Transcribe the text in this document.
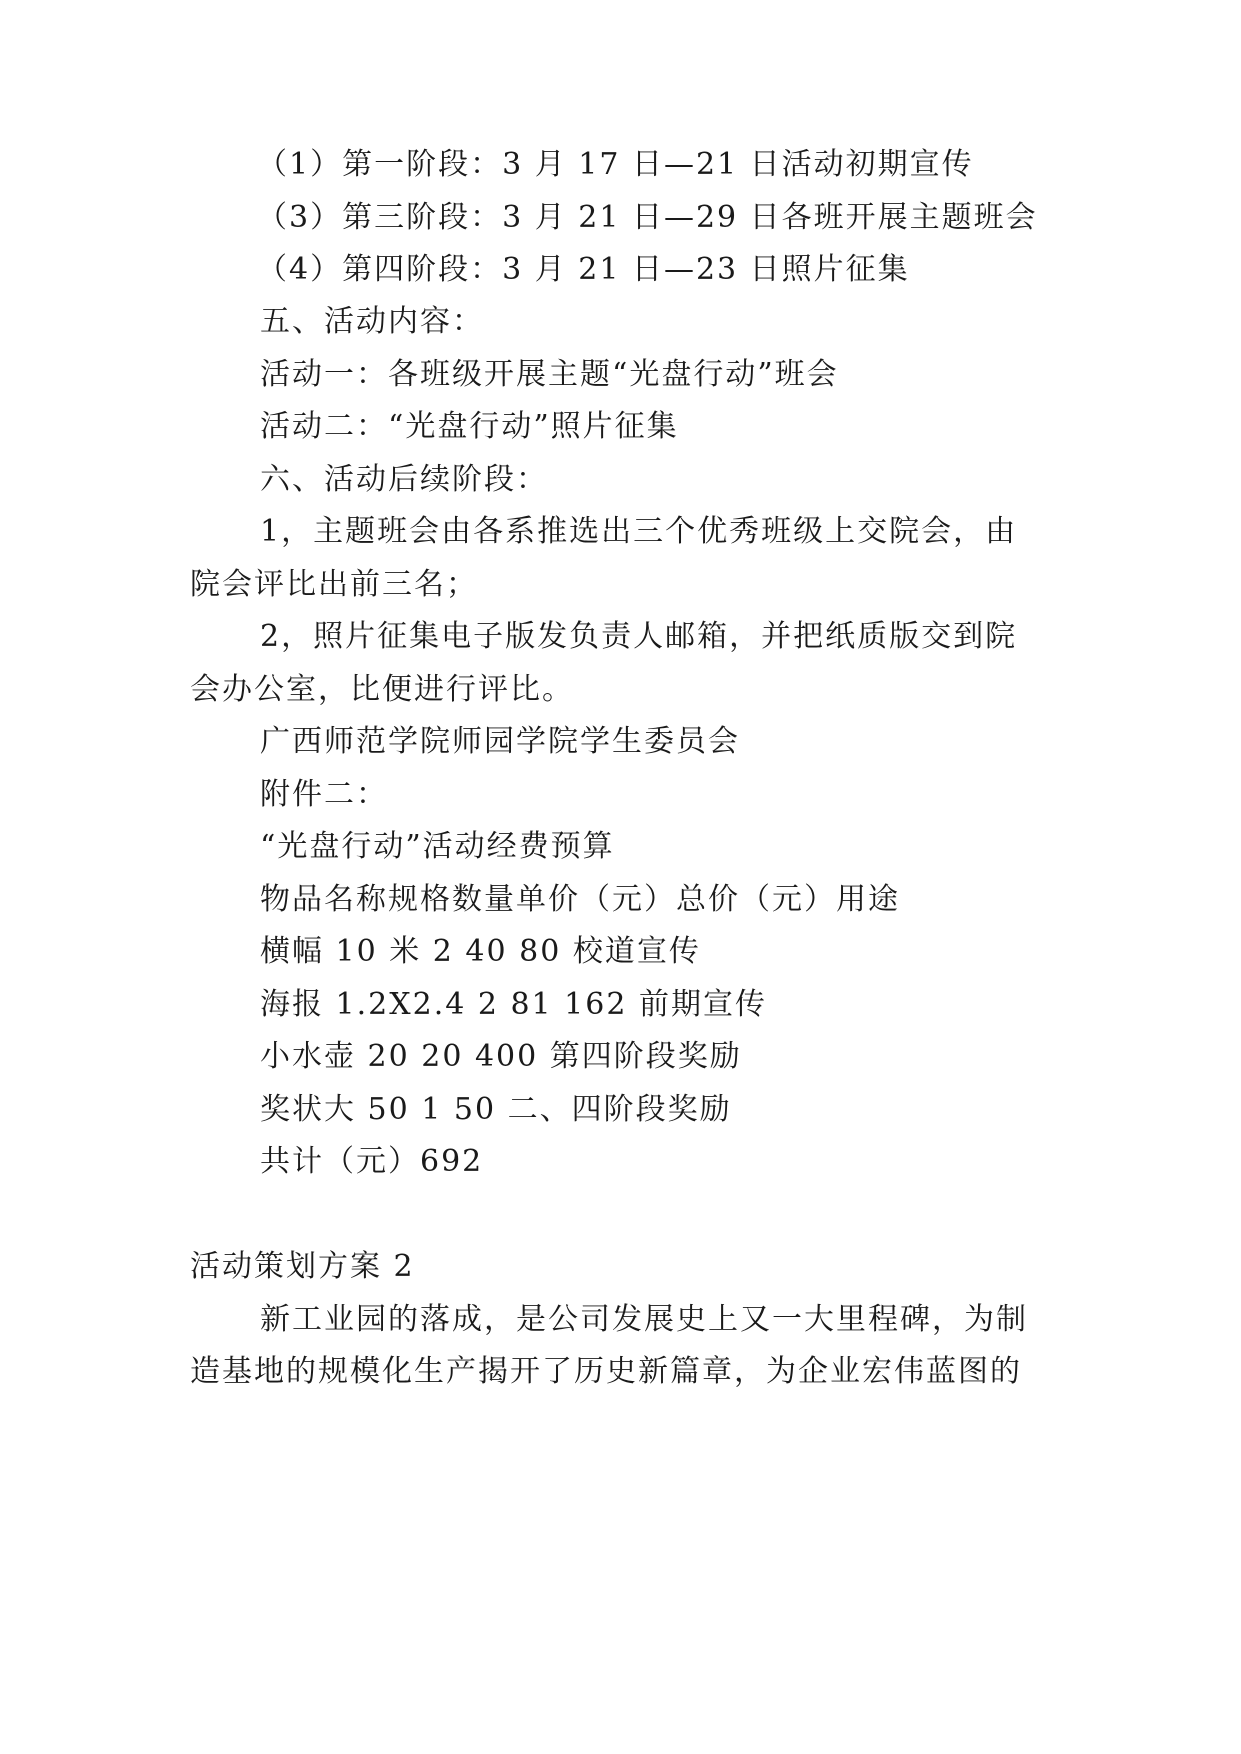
（1）第一阶段：3 月 17 日—21 日活动初期宣传
（3）第三阶段：3 月 21 日—29 日各班开展主题班会
（4）第四阶段：3 月 21 日—23 日照片征集
五、活动内容：
活动一：各班级开展主题“光盘行动”班会
活动二：“光盘行动”照片征集
六、活动后续阶段：
1，主题班会由各系推选出三个优秀班级上交院会，由
院会评比出前三名；
2，照片征集电子版发负责人邮箱，并把纸质版交到院
会办公室，比便进行评比。
广西师范学院师园学院学生委员会
附件二：
“光盘行动”活动经费预算
物品名称规格数量单价（元）总价（元）用途
横幅 10 米 2 40 80 校道宣传
海报 1.2X2.4 2 81 162 前期宣传
小水壶 20 20 400 第四阶段奖励
奖状大 50 1 50 二、四阶段奖励
共计（元）692
活动策划方案 2
新工业园的落成，是公司发展史上又一大里程碑，为制
造基地的规模化生产揭开了历史新篇章，为企业宏伟蓝图的
